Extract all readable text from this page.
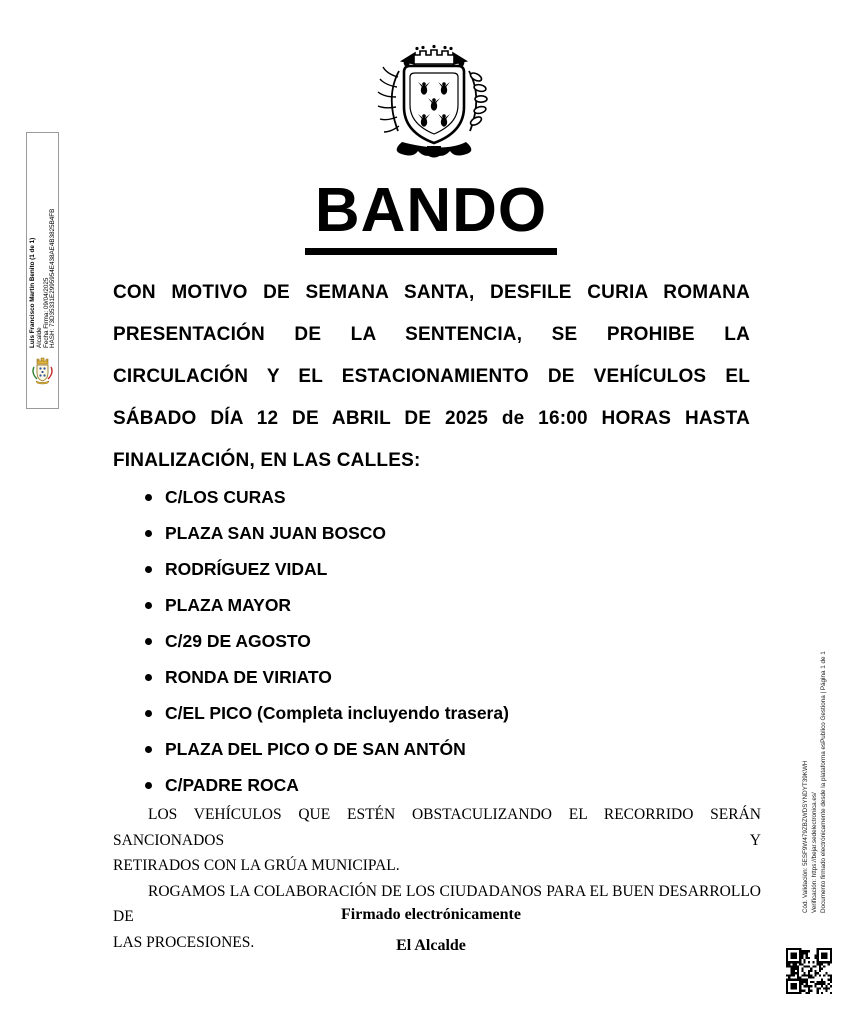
BANDO
CON MOTIVO DE SEMANA SANTA, DESFILE CURIA ROMANA
PRESENTACIÓN DE LA SENTENCIA, SE PROHIBE LA
CIRCULACIÓN Y EL ESTACIONAMIENTO DE VEHÍCULOS EL
SÁBADO DÍA 12 DE ABRIL DE 2025 de 16:00 HORAS HASTA
FINALIZACIÓN, EN LAS CALLES:
C/LOS CURAS
PLAZA SAN JUAN BOSCO
RODRÍGUEZ VIDAL
PLAZA MAYOR
C/29 DE AGOSTO
RONDA DE VIRIATO
C/EL PICO (Completa incluyendo trasera)
PLAZA DEL PICO O DE SAN ANTÓN
C/PADRE ROCA
LOS VEHÍCULOS QUE ESTÉN OBSTACULIZANDO EL RECORRIDO SERÁN SANCIONADOS Y
RETIRADOS CON LA GRÚA MUNICIPAL.
ROGAMOS LA COLABORACIÓN DE LOS CIUDADANOS PARA EL BUEN DESARROLLO DE
LAS PROCESIONES.
Firmado electrónicamente
El Alcalde
Luis Francisco Martín Benito (1 de 1) Alcalde Fecha Firma: 09/04/2025 HASH: 73D35331E2995954E438AE4B3825B4FB
Cód. Validación: 5ESF9W479ZBZWDSYNDYT39KWH Verificación: https://bejar.sedelectronica.es/ Documento firmado electrónicamente desde la plataforma esPublico Gestiona | Página 1 de 1
